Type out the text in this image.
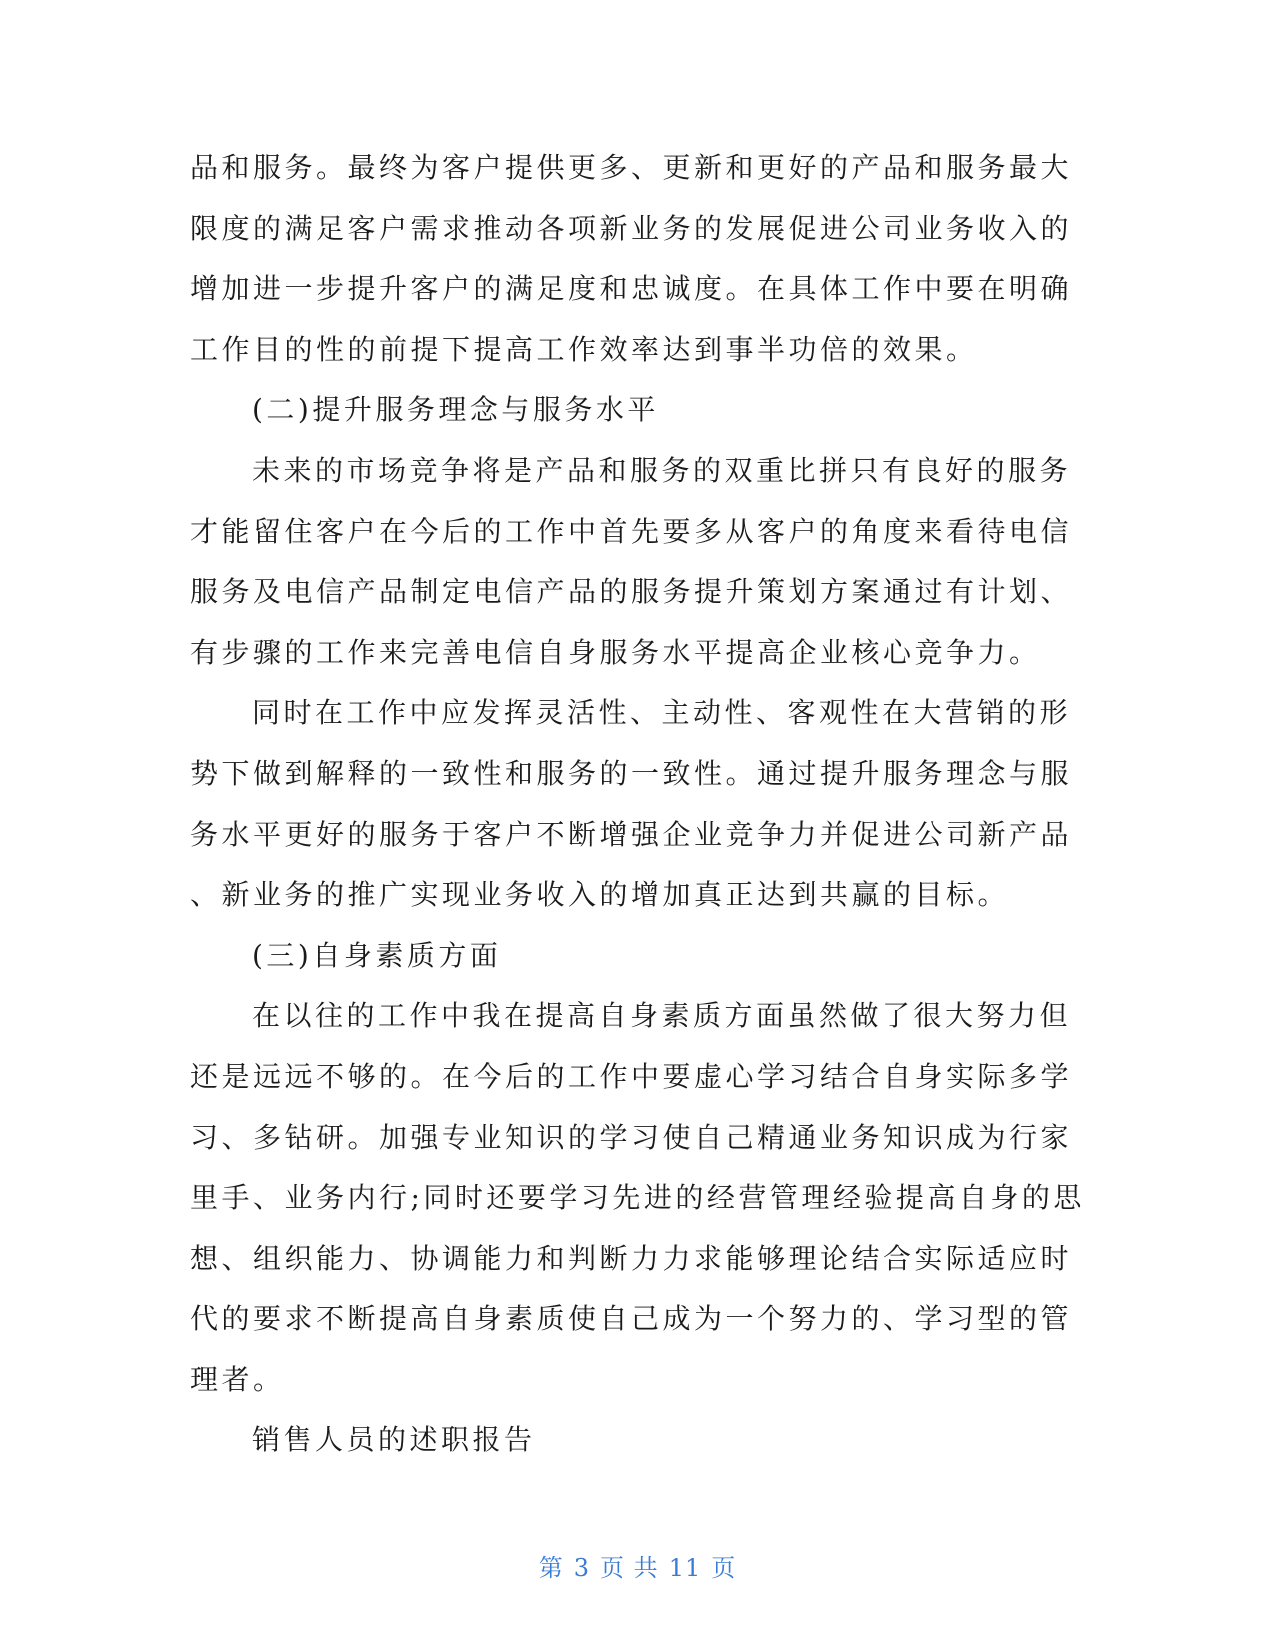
品和服务。最终为客户提供更多、更新和更好的产品和服务最大
限度的满足客户需求推动各项新业务的发展促进公司业务收入的
增加进一步提升客户的满足度和忠诚度。在具体工作中要在明确
工作目的性的前提下提高工作效率达到事半功倍的效果。
(二)提升服务理念与服务水平
未来的市场竞争将是产品和服务的双重比拼只有良好的服务
才能留住客户在今后的工作中首先要多从客户的角度来看待电信
服务及电信产品制定电信产品的服务提升策划方案通过有计划、
有步骤的工作来完善电信自身服务水平提高企业核心竞争力。
同时在工作中应发挥灵活性、主动性、客观性在大营销的形
势下做到解释的一致性和服务的一致性。通过提升服务理念与服
务水平更好的服务于客户不断增强企业竞争力并促进公司新产品
、新业务的推广实现业务收入的增加真正达到共赢的目标。
(三)自身素质方面
在以往的工作中我在提高自身素质方面虽然做了很大努力但
还是远远不够的。在今后的工作中要虚心学习结合自身实际多学
习、多钻研。加强专业知识的学习使自己精通业务知识成为行家
里手、业务内行;同时还要学习先进的经营管理经验提高自身的思
想、组织能力、协调能力和判断力力求能够理论结合实际适应时
代的要求不断提高自身素质使自己成为一个努力的、学习型的管
理者。
销售人员的述职报告
第 3 页 共 11 页
